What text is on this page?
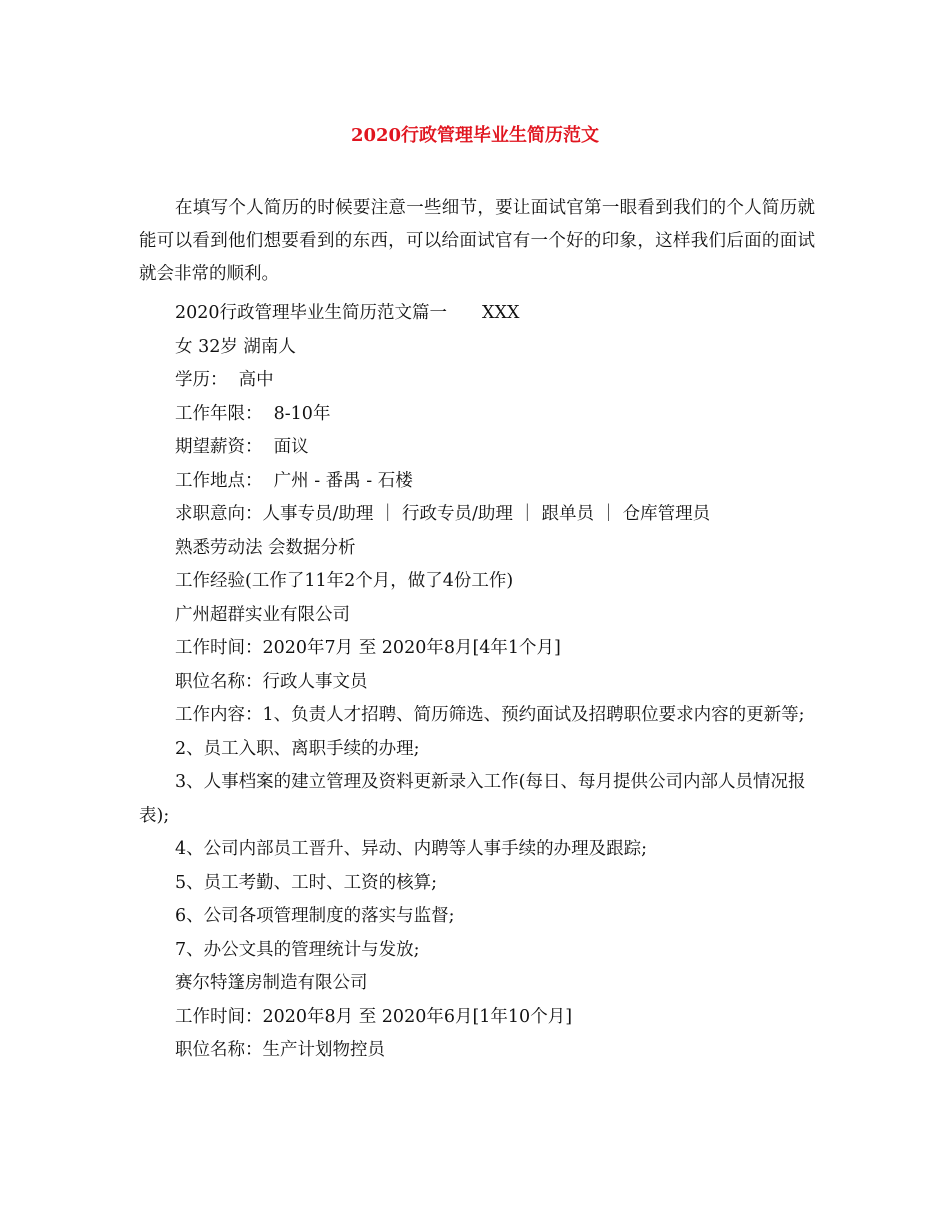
2020行政管理毕业生简历范文

在填写个人简历的时候要注意一些细节，要让面试官第一眼看到我们的个人简历就能可以看到他们想要看到的东西，可以给面试官有一个好的印象，这样我们后面的面试就会非常的顺利。

2020行政管理毕业生简历范文篇一　　XXX
女 32岁 湖南人
学历：  高中
工作年限：  8-10年
期望薪资：  面议
工作地点：  广州 - 番禺 - 石楼
求职意向：人事专员/助理 ｜ 行政专员/助理 ｜ 跟单员 ｜ 仓库管理员
熟悉劳动法 会数据分析
工作经验(工作了11年2个月，做了4份工作)
广州超群实业有限公司
工作时间：2020年7月 至 2020年8月[4年1个月]
职位名称：行政人事文员
工作内容：1、负责人才招聘、简历筛选、预约面试及招聘职位要求内容的更新等;
2、员工入职、离职手续的办理;
3、人事档案的建立管理及资料更新录入工作(每日、每月提供公司内部人员情况报表);
4、公司内部员工晋升、异动、内聘等人事手续的办理及跟踪;
5、员工考勤、工时、工资的核算;
6、公司各项管理制度的落实与监督;
7、办公文具的管理统计与发放;
赛尔特篷房制造有限公司
工作时间：2020年8月 至 2020年6月[1年10个月]
职位名称：生产计划物控员
